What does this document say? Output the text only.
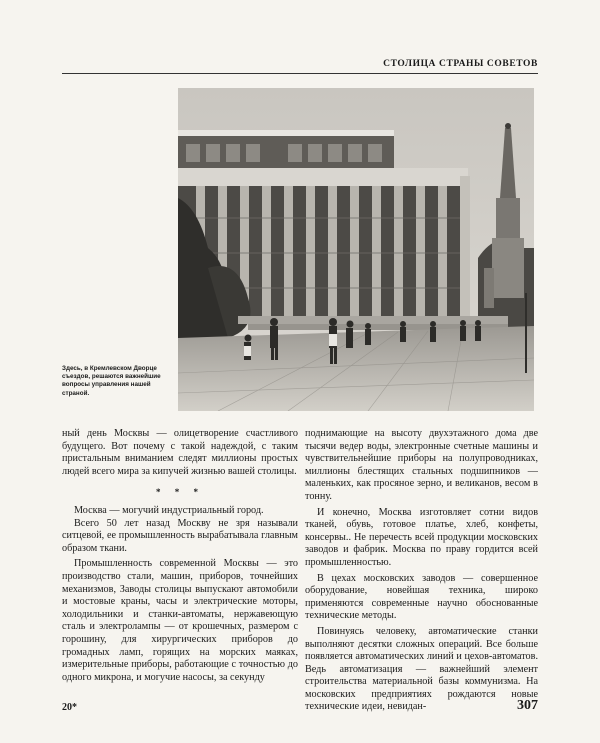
СТОЛИЦА СТРАНЫ СОВЕТОВ
Здесь, в Кремлевском Дворце съездов, решаются важнейшие вопросы управления нашей страной.

ный день Москвы — олицетворение счастливого будущего. Вот почему с такой надеждой, с таким пристальным вниманием следят миллионы простых людей всего мира за кипучей жизнью вашей столицы.

* * *

Москва — могучий индустриальный город.

Всего 50 лет назад Москву не зря называли ситцевой, ее промышленность вырабатывала главным образом ткани.

Промышленность современной Москвы — это производство стали, машин, приборов, точнейших механизмов, Заводы столицы выпускают автомобили и мостовые краны, часы и электрические моторы, холодильники и станки-автоматы, нержавеющую сталь и электролампы — от крошечных, размером с горошину, для хирургических приборов до громадных ламп, горящих на морских маяках, измерительные приборы, работающие с точностью до одного микрона, и могучие насосы, за секунду

поднимающие на высоту двухэтажного дома две тысячи ведер воды, электронные счетные машины и чувствительнейшие приборы на полупроводниках, миллионы блестящих стальных подшипников — маленьких, как просяное зерно, и великанов, весом в тонну.

И конечно, Москва изготовляет сотни видов тканей, обувь, готовое платье, хлеб, конфеты, консервы.. Не перечесть всей продукции московских заводов и фабрик. Москва по праву гордится всей промышленностью.

В цехах московских заводов — совершенное оборудование, новейшая техника, широко применяются современные научно обоснованные технические методы.

Повинуясь человеку, автоматические станки выполняют десятки сложных операций. Все больше появляется автоматических линий и цехов-автоматов. Ведь автоматизация — важнейший элемент строительства материальной базы коммунизма. На московских предприятиях рождаются новые технические идеи, невидан-

20*	307
